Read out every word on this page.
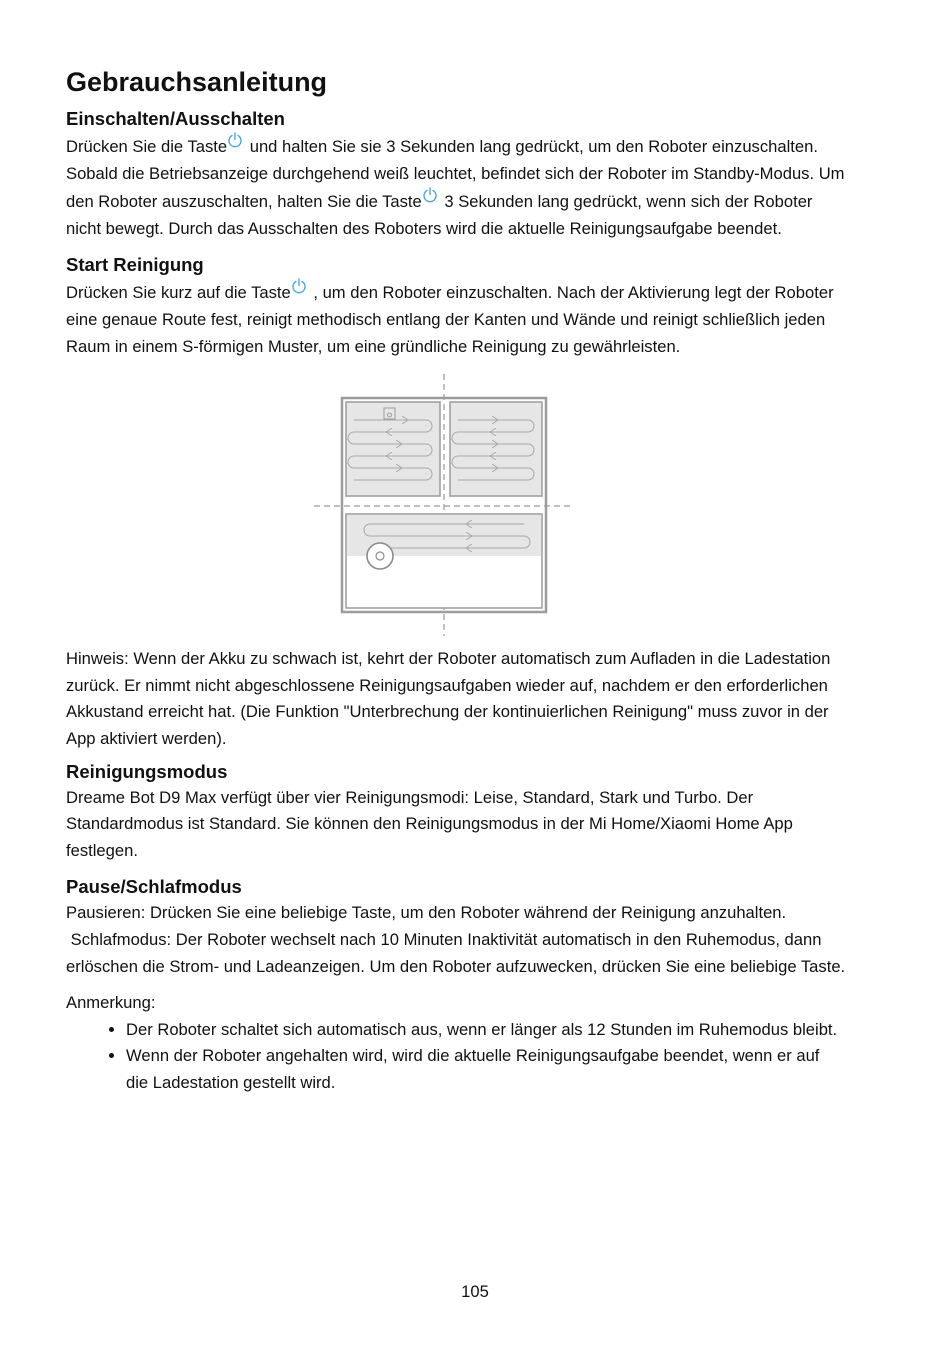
Gebrauchsanleitung
Einschalten/Ausschalten

Drücken Sie die Taste
und halten Sie sie 3 Sekunden lang gedrückt, um den Roboter einzuschalten. Sobald die Betriebsanzeige durchgehend weiß leuchtet, befindet sich der Roboter im Standby-Modus. Um den Roboter auszuschalten, halten Sie die Taste
3 Sekunden lang gedrückt, wenn sich der Roboter nicht bewegt. Durch das Ausschalten des Roboters wird die aktuelle Reinigungsaufgabe beendet.

Start Reinigung

Drücken Sie kurz auf die Taste
, um den Roboter einzuschalten. Nach der Aktivierung legt der Roboter eine genaue Route fest, reinigt methodisch entlang der Kanten und Wände und reinigt schließlich jeden Raum in einem S-förmigen Muster, um eine gründliche Reinigung zu gewährleisten.

Hinweis: Wenn der Akku zu schwach ist, kehrt der Roboter automatisch zum Aufladen in die Ladestation zurück. Er nimmt nicht abgeschlossene Reinigungsaufgaben wieder auf, nachdem er den erforderlichen Akkustand erreicht hat. (Die Funktion "Unterbrechung der kontinuierlichen Reinigung" muss zuvor in der App aktiviert werden).

Reinigungsmodus

Dreame Bot D9 Max verfügt über vier Reinigungsmodi: Leise, Standard, Stark und Turbo. Der Standardmodus ist Standard. Sie können den Reinigungsmodus in der Mi Home/Xiaomi Home App festlegen.

Pause/Schlafmodus

Pausieren: Drücken Sie eine beliebige Taste, um den Roboter während der Reinigung anzuhalten.

Schlafmodus: Der Roboter wechselt nach 10 Minuten Inaktivität automatisch in den Ruhemodus, dann erlöschen die Strom- und Ladeanzeigen. Um den Roboter aufzuwecken, drücken Sie eine beliebige Taste.

Anmerkung:

• Der Roboter schaltet sich automatisch aus, wenn er länger als 12 Stunden im Ruhemodus bleibt.
• Wenn der Roboter angehalten wird, wird die aktuelle Reinigungsaufgabe beendet, wenn er auf die Ladestation gestellt wird.
105
